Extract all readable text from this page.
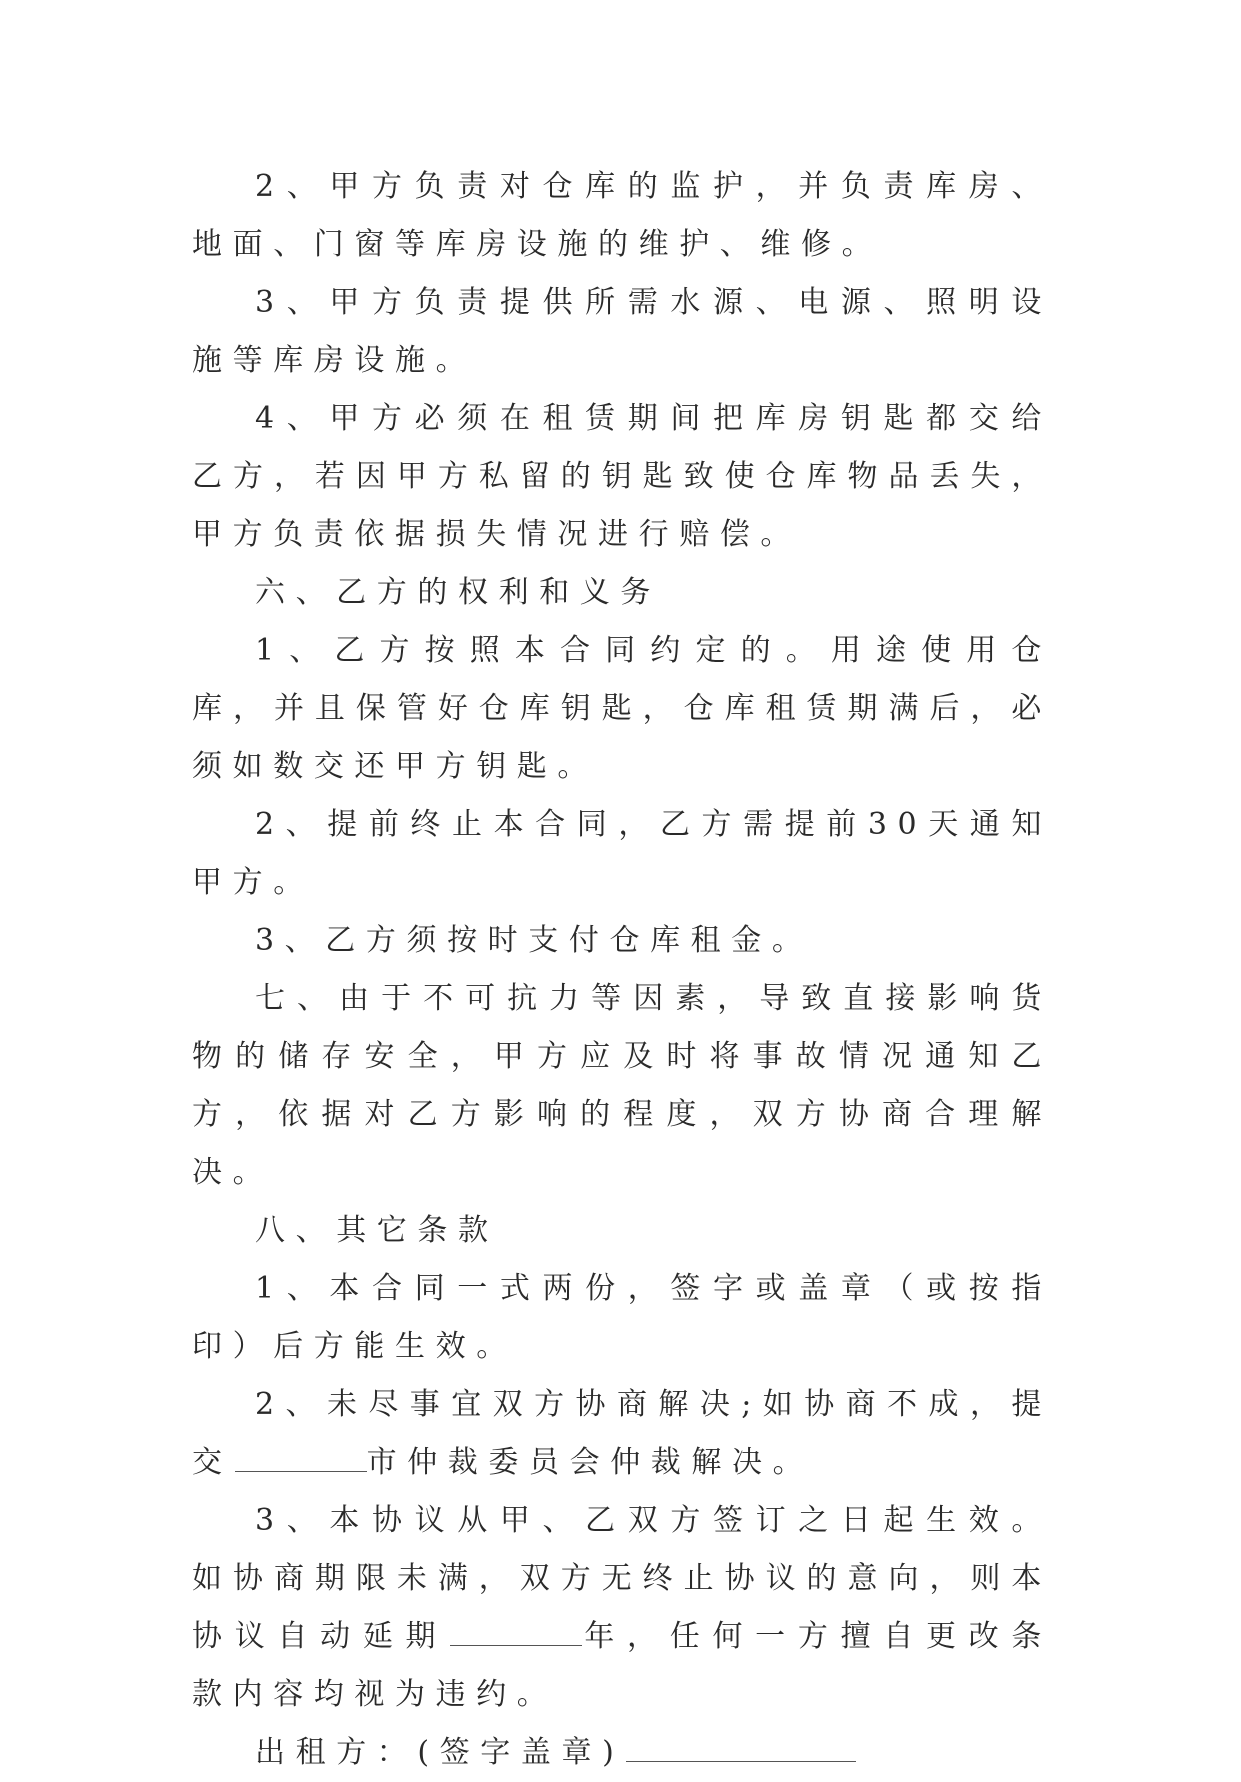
2、甲方负责对仓库的监护，并负责库房、地面、门窗等库房设施的维护、维修。

3、甲方负责提供所需水源、电源、照明设施等库房设施。

4、甲方必须在租赁期间把库房钥匙都交给乙方，若因甲方私留的钥匙致使仓库物品丢失，甲方负责依据损失情况进行赔偿。

六、乙方的权利和义务

1、乙方按照本合同约定的。用途使用仓库，并且保管好仓库钥匙，仓库租赁期满后，必须如数交还甲方钥匙。

2、提前终止本合同，乙方需提前30天通知甲方。

3、乙方须按时支付仓库租金。

七、由于不可抗力等因素，导致直接影响货物的储存安全，甲方应及时将事故情况通知乙方，依据对乙方影响的程度，双方协商合理解决。

八、其它条款

1、本合同一式两份，签字或盖章（或按指印）后方能生效。

2、未尽事宜双方协商解决;如协商不成，提交	市仲裁委员会仲裁解决。

3、本协议从甲、乙双方签订之日起生效。如协商期限未满，双方无终止协议的意向，则本协议自动延期	年，任何一方擅自更改条款内容均视为违约。

出租方：(签字盖章)
